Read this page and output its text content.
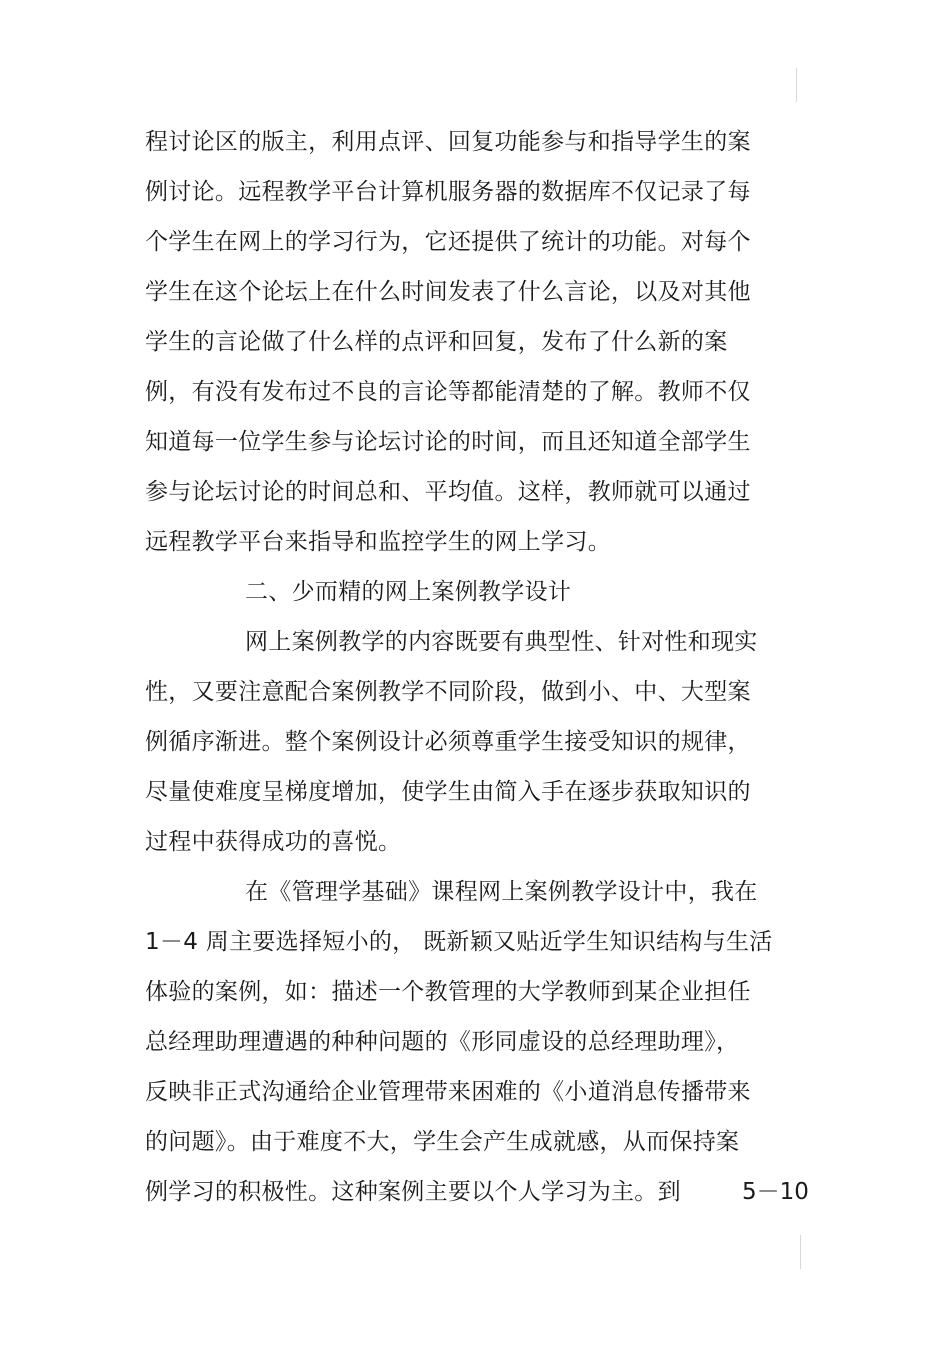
程讨论区的版主，利用点评、回复功能参与和指导学生的案
例讨论。远程教学平台计算机服务器的数据库不仅记录了每
个学生在网上的学习行为，它还提供了统计的功能。对每个
学生在这个论坛上在什么时间发表了什么言论，以及对其他
学生的言论做了什么样的点评和回复，发布了什么新的案
例，有没有发布过不良的言论等都能清楚的了解。教师不仅
知道每一位学生参与论坛讨论的时间，而且还知道全部学生
参与论坛讨论的时间总和、平均值。这样，教师就可以通过
远程教学平台来指导和监控学生的网上学习。
二、少而精的网上案例教学设计
网上案例教学的内容既要有典型性、针对性和现实
性，又要注意配合案例教学不同阶段，做到小、中、大型案
例循序渐进。整个案例设计必须尊重学生接受知识的规律，
尽量使难度呈梯度增加，使学生由简入手在逐步获取知识的
过程中获得成功的喜悦。
在《管理学基础》课程网上案例教学设计中，我在
1－4 周主要选择短小的， 既新颖又贴近学生知识结构与生活
体验的案例，如：描述一个教管理的大学教师到某企业担任
总经理助理遭遇的种种问题的《形同虚设的总经理助理》，
反映非正式沟通给企业管理带来困难的《小道消息传播带来
的问题》。由于难度不大，学生会产生成就感，从而保持案
例学习的积极性。这种案例主要以个人学习为主。到	5－10
